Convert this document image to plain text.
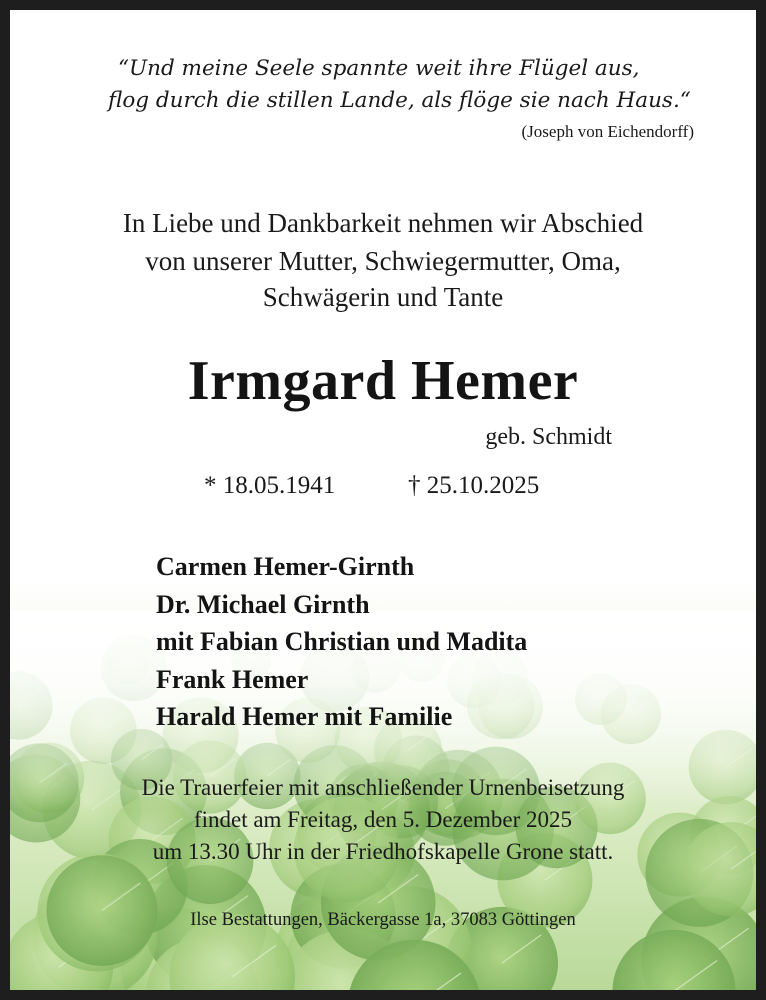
“Und meine Seele spannte weit ihre Flügel aus,
flog durch die stillen Lande, als flöge sie nach Haus.“
(Joseph von Eichendorff)
In Liebe und Dankbarkeit nehmen wir Abschied
von unserer Mutter, Schwiegermutter, Oma,
Schwägerin und Tante
Irmgard Hemer
geb. Schmidt
* 18.05.1941	† 25.10.2025
Carmen Hemer-Girnth
Dr. Michael Girnth
mit Fabian Christian und Madita
Frank Hemer
Harald Hemer mit Familie
Die Trauerfeier mit anschließender Urnenbeisetzung
findet am Freitag, den 5. Dezember 2025
um 13.30 Uhr in der Friedhofskapelle Grone statt.
Ilse Bestattungen, Bäckergasse 1a, 37083 Göttingen
